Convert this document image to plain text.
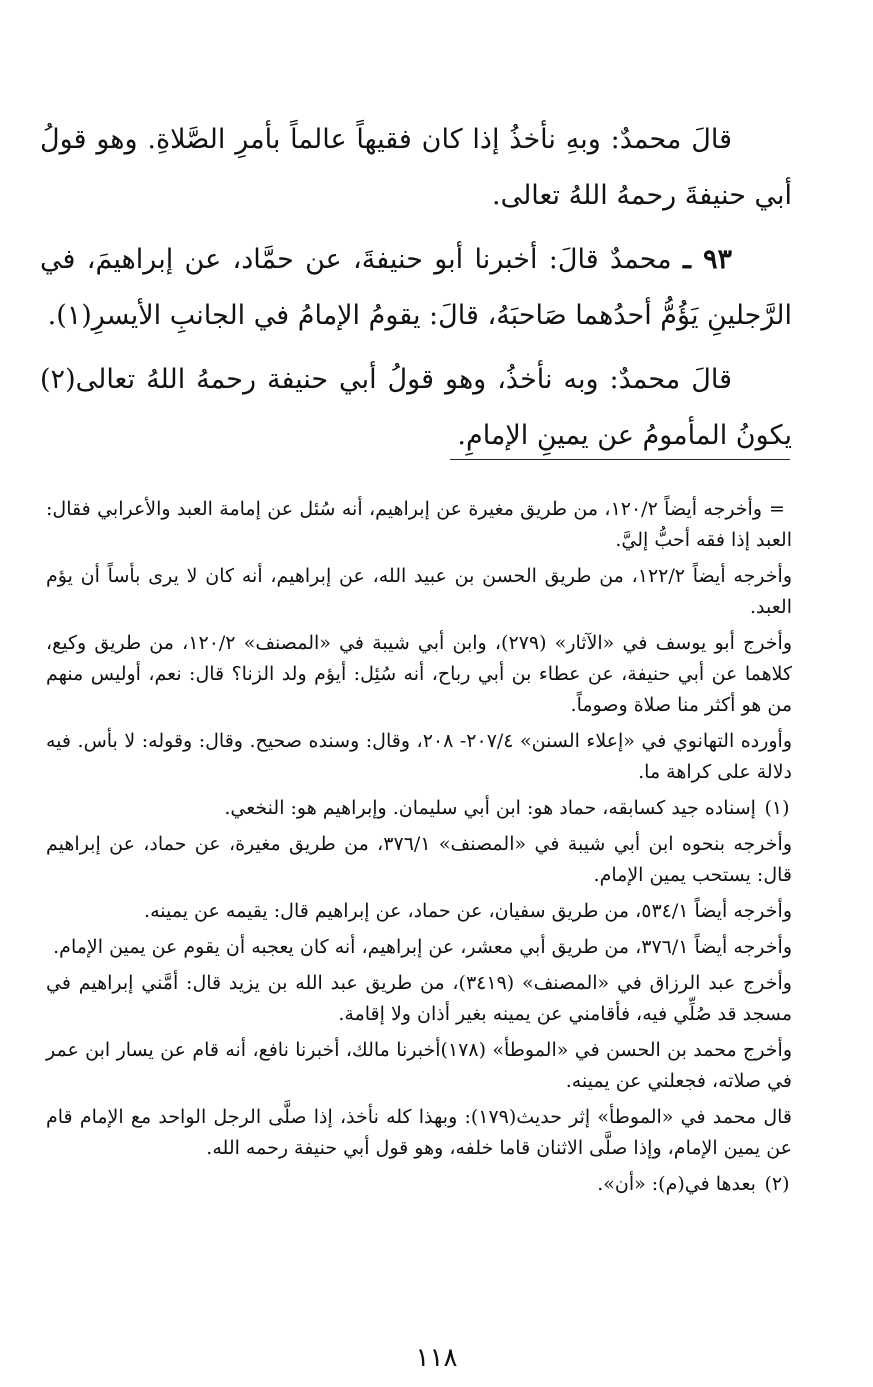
قالَ محمدٌ: وبهِ نأخذُ إذا كان فقيهاً عالماً بأمرِ الصَّلاةِ. وهو قولُ أبي حنيفةَ رحمهُ اللهُ تعالى.

٩٣ ـ محمدٌ قالَ: أخبرنا أبو حنيفةَ، عن حمَّاد، عن إبراهيمَ، في الرَّجلينِ يَؤُمُّ أحدُهما صَاحبَهُ، قالَ: يقومُ الإمامُ في الجانبِ الأيسرِ(١).

قالَ محمدٌ: وبه نأخذُ، وهو قولُ أبي حنيفة رحمهُ اللهُ تعالى(٢) يكونُ المأمومُ عن يمينِ الإمامِ.

=وأخرجه أيضاً ١٢٠/٢، من طريق مغيرة عن إبراهيم، أنه سُئل عن إمامة العبد والأعرابي فقال: العبد إذا فقه أحبُّ إليَّ.

وأخرجه أيضاً ١٢٢/٢، من طريق الحسن بن عبيد الله، عن إبراهيم، أنه كان لا يرى بأساً أن يؤم العبد.

وأخرج أبو يوسف في «الآثار» (٢٧٩)، وابن أبي شيبة في «المصنف» ١٢٠/٢، من طريق وكيع، كلاهما عن أبي حنيفة، عن عطاء بن أبي رباح، أنه سُئِل: أيؤم ولد الزنا؟ قال: نعم، أوليس منهم من هو أكثر منا صلاة وصوماً.

وأورده التهانوي في «إعلاء السنن» ٢٠٧/٤- ٢٠٨، وقال: وسنده صحيح. وقال: وقوله: لا بأس. فيه دلالة على كراهة ما.

(١) إسناده جيد كسابقه، حماد هو: ابن أبي سليمان. وإبراهيم هو: النخعي.

وأخرجه بنحوه ابن أبي شيبة في «المصنف» ٣٧٦/١، من طريق مغيرة، عن حماد، عن إبراهيم قال: يستحب يمين الإمام.

وأخرجه أيضاً ٥٣٤/١، من طريق سفيان، عن حماد، عن إبراهيم قال: يقيمه عن يمينه.

وأخرجه أيضاً ٣٧٦/١، من طريق أبي معشر، عن إبراهيم، أنه كان يعجبه أن يقوم عن يمين الإمام.

وأخرج عبد الرزاق في «المصنف» (٣٤١٩)، من طريق عبد الله بن يزيد قال: أمَّني إبراهيم في مسجد قد صُلِّي فيه، فأقامني عن يمينه بغير أذان ولا إقامة.

وأخرج محمد بن الحسن في «الموطأ» (١٧٨)أخبرنا مالك، أخبرنا نافع، أنه قام عن يسار ابن عمر في صلاته، فجعلني عن يمينه.

قال محمد في «الموطأ» إثر حديث(١٧٩): وبهذا كله نأخذ، إذا صلَّى الرجل الواحد مع الإمام قام عن يمين الإمام، وإذا صلَّى الاثنان قاما خلفه، وهو قول أبي حنيفة رحمه الله.

(٢) بعدها في(م): «أن».

١١٨
